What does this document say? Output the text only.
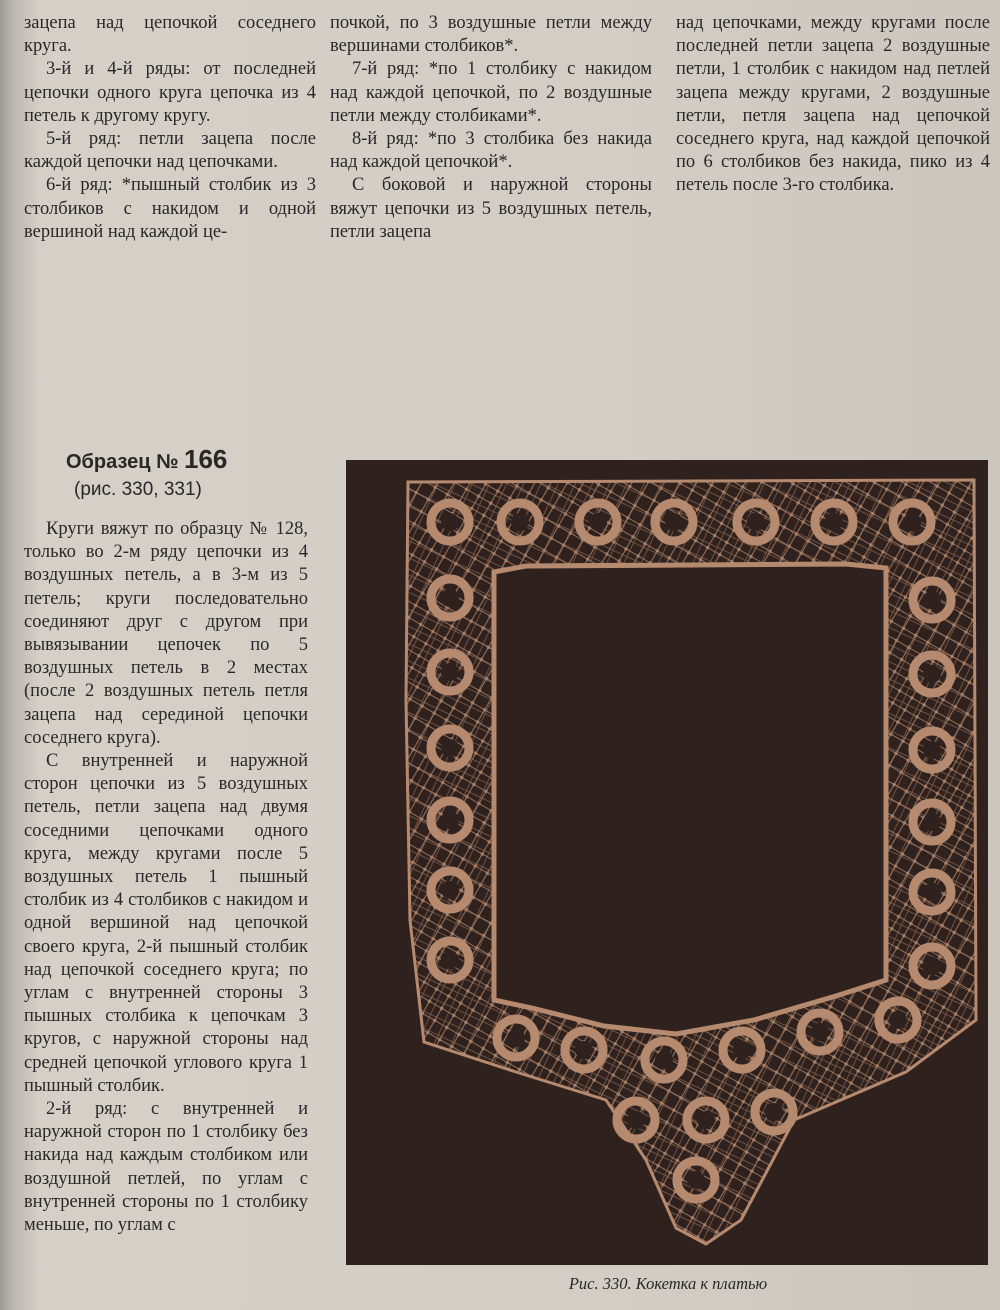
зацепа над цепочкой соседнего круга.

3-й и 4-й ряды: от последней цепочки одного круга цепочка из 4 петель к другому кругу.

5-й ряд: петли зацепа после каждой цепочки над цепочками.

6-й ряд: *пышный столбик из 3 столбиков с накидом и одной вершиной над каждой це-

почкой, по 3 воздушные петли между вершинами столбиков*.

7-й ряд: *по 1 столбику с накидом над каждой цепочкой, по 2 воздушные петли между столбиками*.

8-й ряд: *по 3 столбика без накида над каждой цепочкой*.

С боковой и наружной стороны вяжут цепочки из 5 воздушных петель, петли зацепа

над цепочками, между кругами после последней петли зацепа 2 воздушные петли, 1 столбик с накидом над петлей зацепа между кругами, 2 воздушные петли, петля зацепа над цепочкой соседнего круга, над каждой цепочкой по 6 столбиков без накида, пико из 4 петель после 3-го столбика.

Образец № 166
(рис. 330, 331)

Круги вяжут по образцу № 128, только во 2-м ряду цепочки из 4 воздушных петель, а в 3-м из 5 петель; круги последовательно соединяют друг с другом при вывязывании цепочек по 5 воздушных петель в 2 местах (после 2 воздушных петель петля зацепа над серединой цепочки соседнего круга).

С внутренней и наружной сторон цепочки из 5 воздушных петель, петли зацепа над двумя соседними цепочками одного круга, между кругами после 5 воздушных петель 1 пышный столбик из 4 столбиков с накидом и одной вершиной над цепочкой своего круга, 2-й пышный столбик над цепочкой соседнего круга; по углам с внутренней стороны 3 пышных столбика к цепочкам 3 кругов, с наружной стороны над средней цепочкой углового круга 1 пышный столбик.

2-й ряд: с внутренней и наружной сторон по 1 столбику без накида над каждым столбиком или воздушной петлей, по углам с внутренней стороны по 1 столбику меньше, по углам с

Рис. 330. Кокетка к платью
